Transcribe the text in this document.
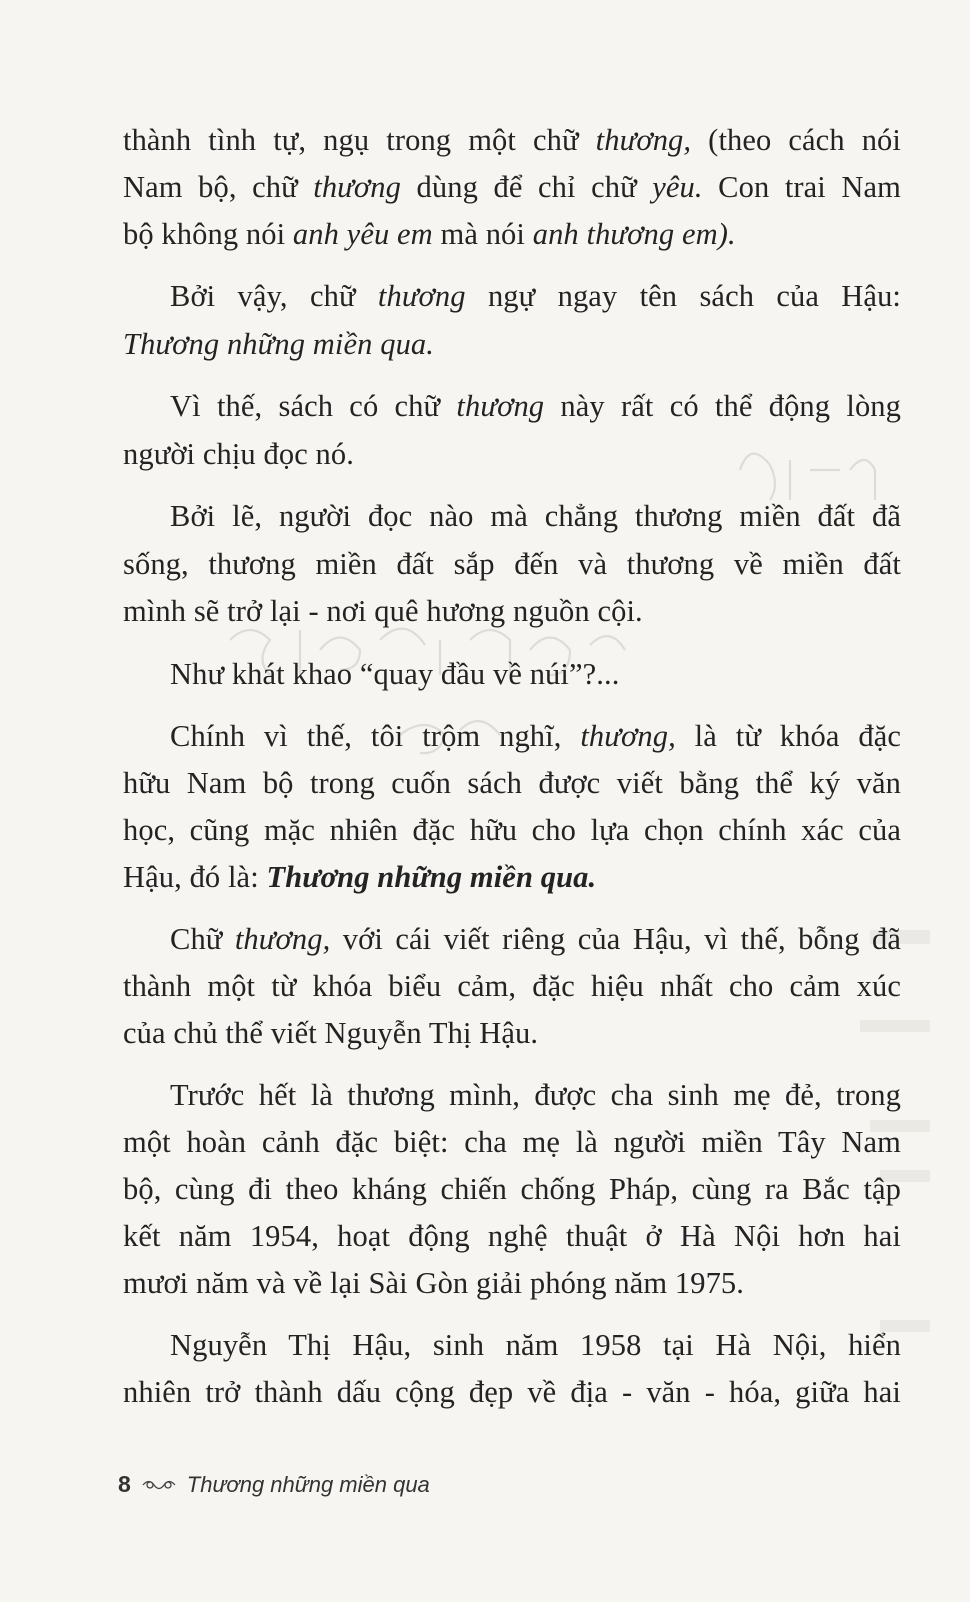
thành tình tự, ngụ trong một chữ thương, (theo cách nói
Nam bộ, chữ thương dùng để chỉ chữ yêu. Con trai Nam
bộ không nói anh yêu em mà nói anh thương em).
Bởi vậy, chữ thương ngự ngay tên sách của Hậu:
Thương những miền qua.
Vì thế, sách có chữ thương này rất có thể động lòng
người chịu đọc nó.
Bởi lẽ, người đọc nào mà chẳng thương miền đất đã
sống, thương miền đất sắp đến và thương về miền đất
mình sẽ trở lại - nơi quê hương nguồn cội.
Như khát khao “quay đầu về núi”?...
Chính vì thế, tôi trộm nghĩ, thương, là từ khóa đặc
hữu Nam bộ trong cuốn sách được viết bằng thể ký văn
học, cũng mặc nhiên đặc hữu cho lựa chọn chính xác của
Hậu, đó là: Thương những miền qua.
Chữ thương, với cái viết riêng của Hậu, vì thế, bỗng đã
thành một từ khóa biểu cảm, đặc hiệu nhất cho cảm xúc
của chủ thể viết Nguyễn Thị Hậu.
Trước hết là thương mình, được cha sinh mẹ đẻ, trong
một hoàn cảnh đặc biệt: cha mẹ là người miền Tây Nam
bộ, cùng đi theo kháng chiến chống Pháp, cùng ra Bắc tập
kết năm 1954, hoạt động nghệ thuật ở Hà Nội hơn hai
mươi năm và về lại Sài Gòn giải phóng năm 1975.
Nguyễn Thị Hậu, sinh năm 1958 tại Hà Nội, hiển
nhiên trở thành dấu cộng đẹp về địa - văn - hóa, giữa hai
8	Thương những miền qua
